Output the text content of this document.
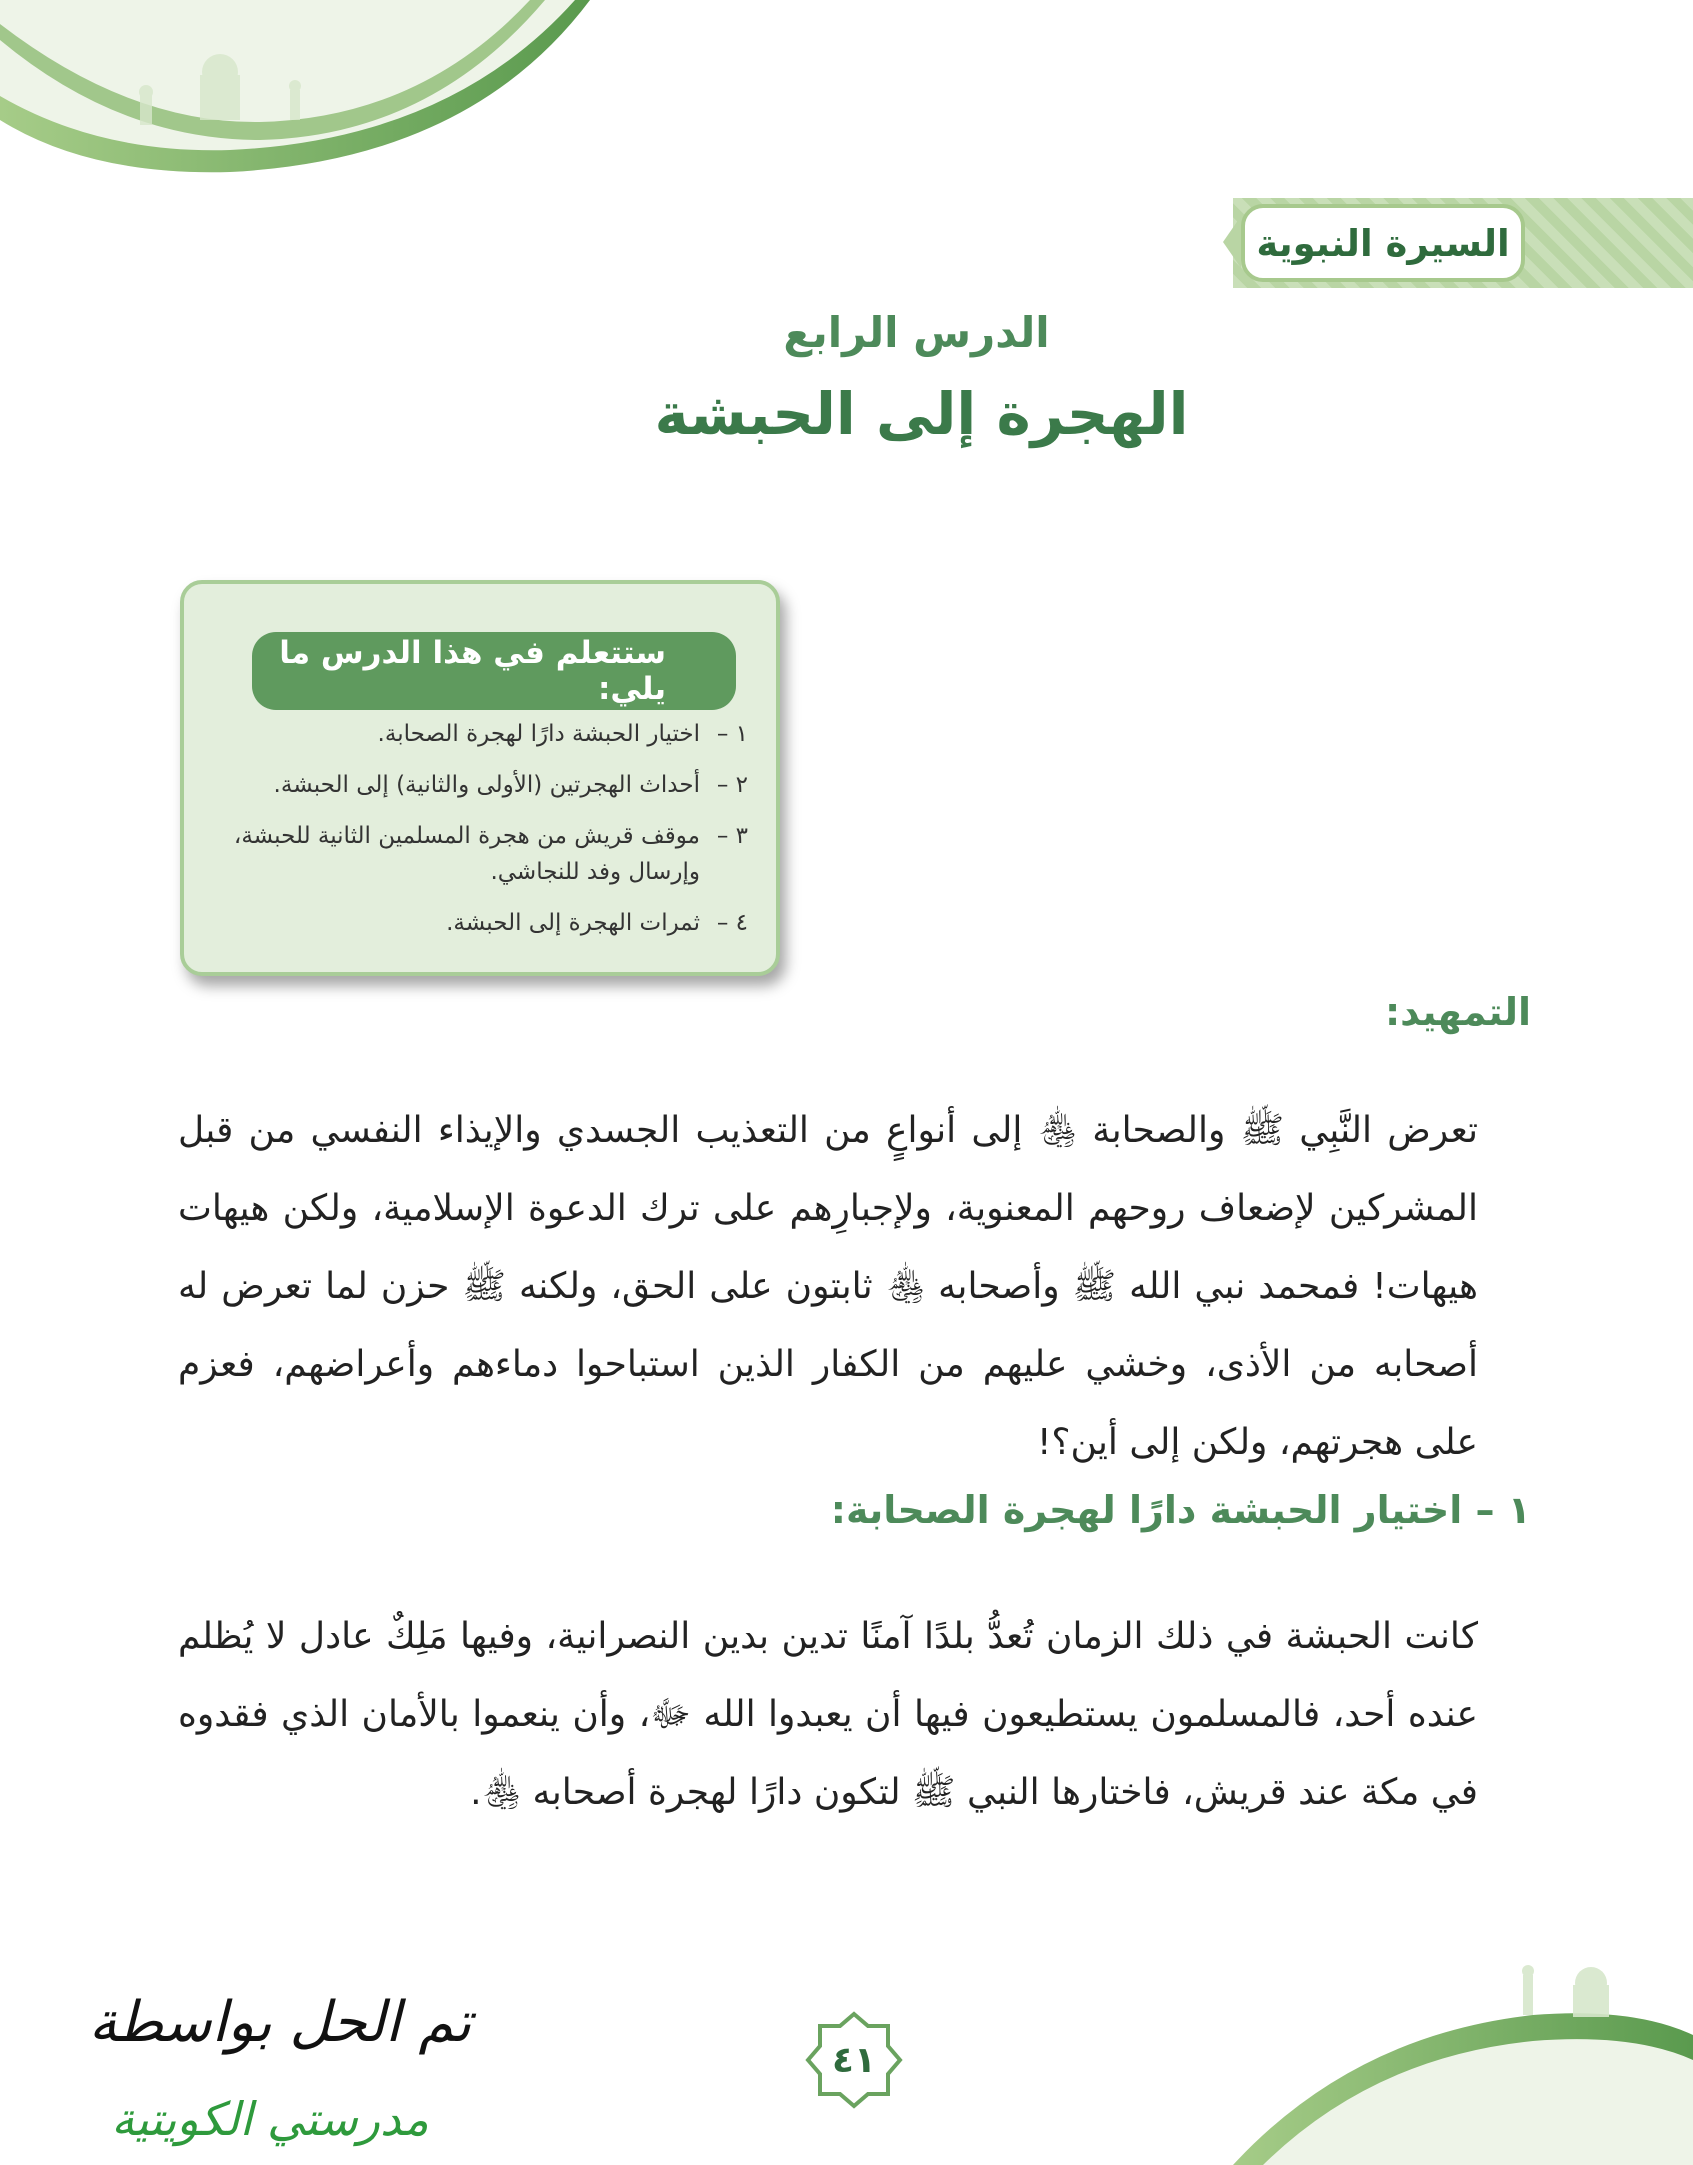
السيرة النبوية
الدرس الرابع
الهجرة إلى الحبشة
ستتعلم في هذا الدرس ما يلي:
١ –
اختيار الحبشة دارًا لهجرة الصحابة.
٢ –
أحداث الهجرتين (الأولى والثانية) إلى الحبشة.
٣ –
موقف قريش من هجرة المسلمين الثانية للحبشة، وإرسال وفد للنجاشي.
٤ –
ثمرات الهجرة إلى الحبشة.
التمهيد:
تعرض النَّبِي ﷺ والصحابة ﵃ إلى أنواعٍ من التعذيب الجسدي والإيذاء النفسي من قبل المشركين لإضعاف روحهم المعنوية، ولإجبارِهم على ترك الدعوة الإسلامية، ولكن هيهات هيهات! فمحمد نبي الله ﷺ وأصحابه ﵃ ثابتون على الحق، ولكنه ﷺ حزن لما تعرض له أصحابه من الأذى، وخشي عليهم من الكفار الذين استباحوا دماءهم وأعراضهم، فعزم على هجرتهم، ولكن إلى أين؟!
١ – اختيار الحبشة دارًا لهجرة الصحابة:
كانت الحبشة في ذلك الزمان تُعدُّ بلدًا آمنًا تدين بدين النصرانية، وفيها مَلِكٌ عادل لا يُظلم عنده أحد، فالمسلمون يستطيعون فيها أن يعبدوا الله ﷻ، وأن ينعموا بالأمان الذي فقدوه في مكة عند قريش، فاختارها النبي ﷺ لتكون دارًا لهجرة أصحابه ﵃.
٤١
تم الحل بواسطة
مدرستي الكويتية
